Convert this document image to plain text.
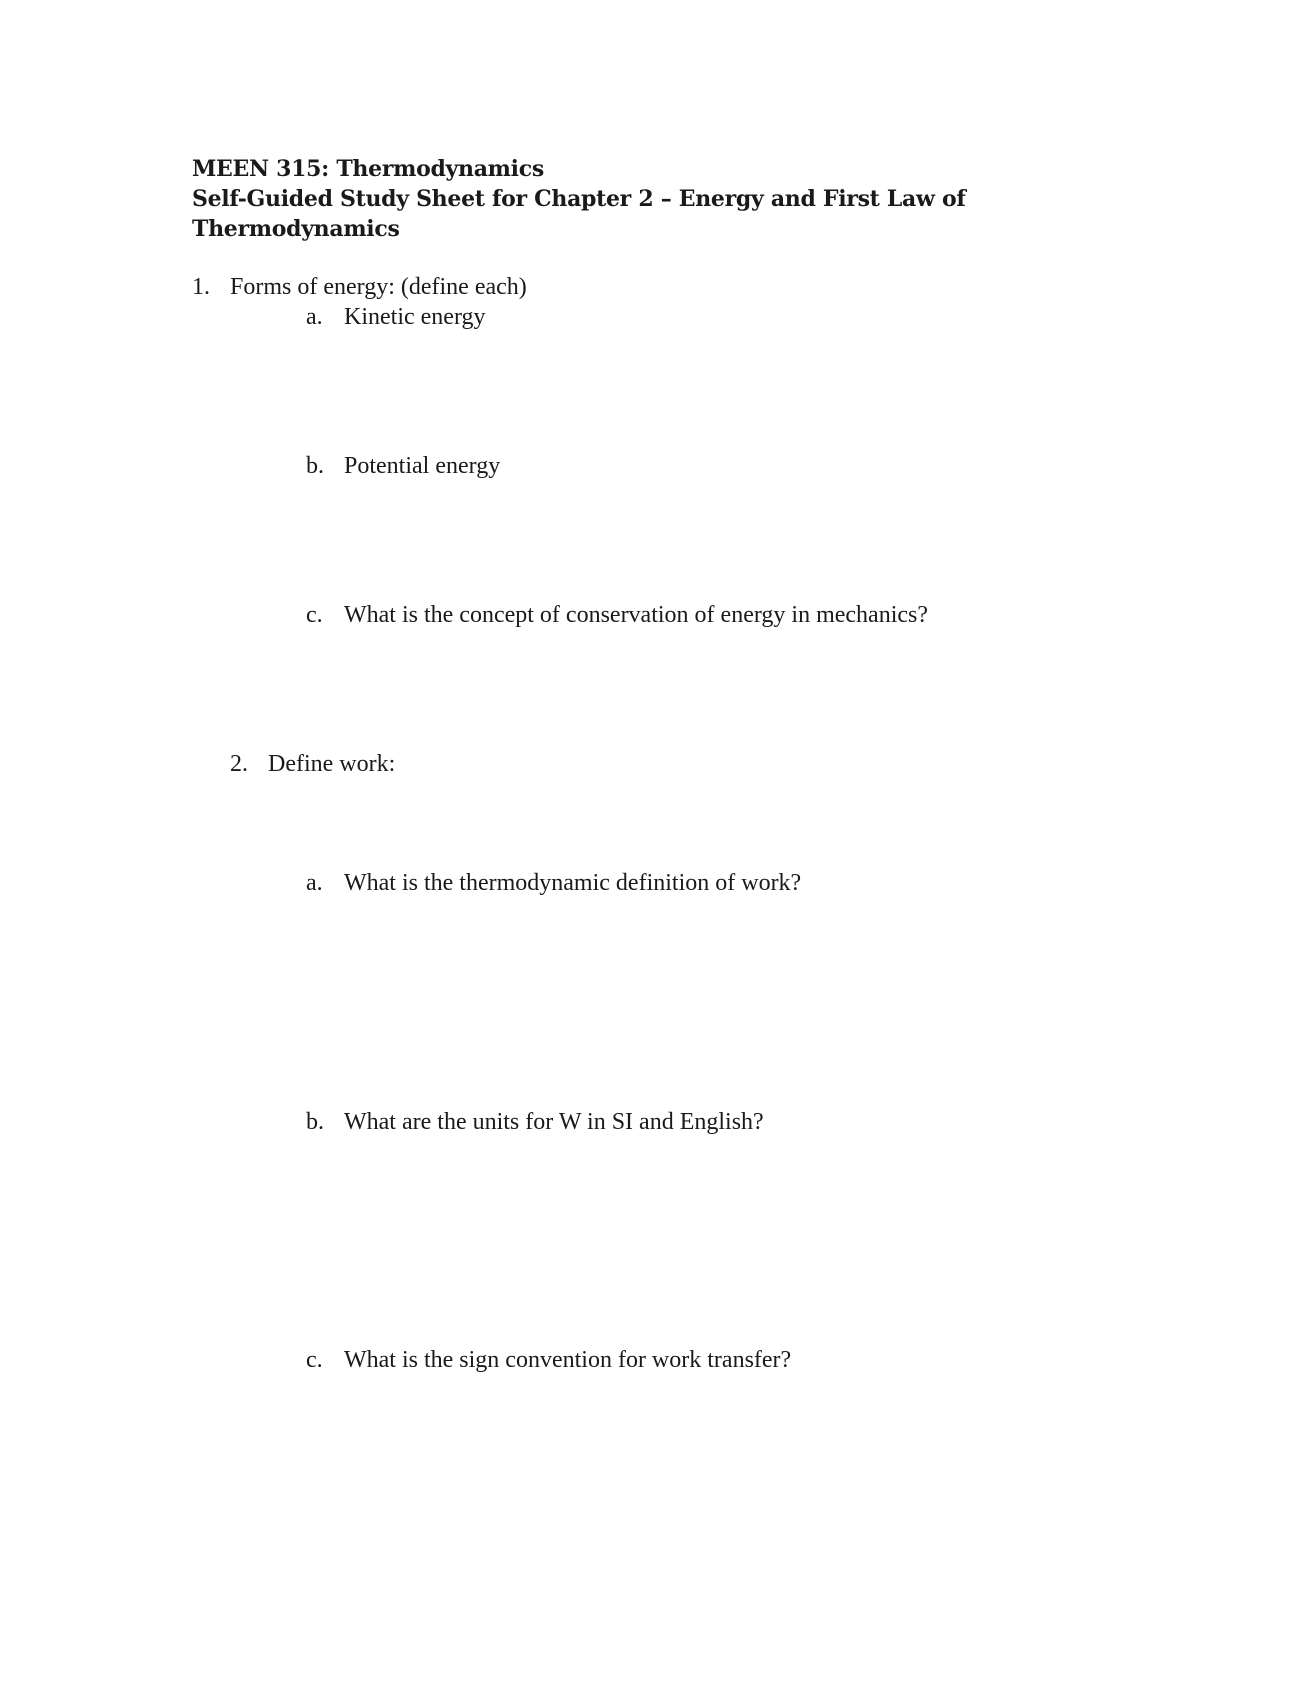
MEEN 315: Thermodynamics
Self-Guided Study Sheet for Chapter 2 – Energy and First Law of
Thermodynamics
1. Forms of energy: (define each)
a. Kinetic energy
b. Potential energy
c. What is the concept of conservation of energy in mechanics?
2. Define work:
a. What is the thermodynamic definition of work?
b. What are the units for W in SI and English?
c. What is the sign convention for work transfer?
